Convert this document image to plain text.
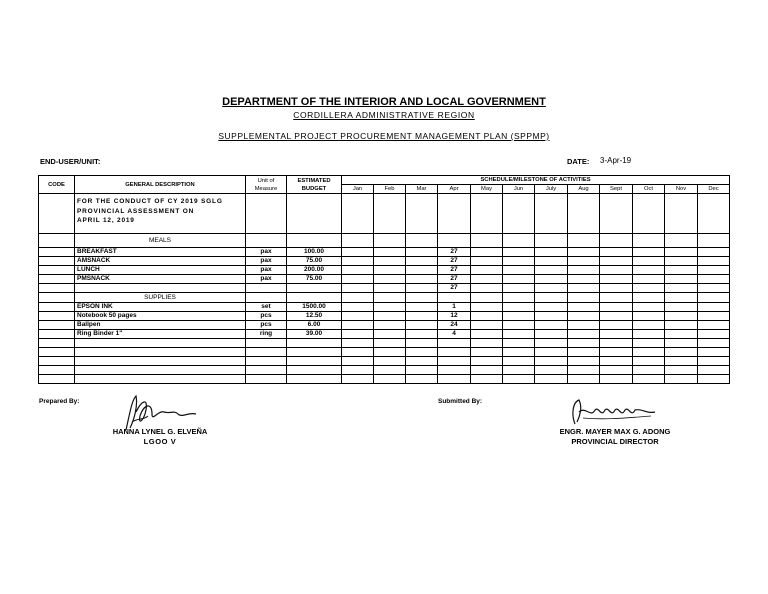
DEPARTMENT OF THE INTERIOR AND LOCAL GOVERNMENT
CORDILLERA ADMINISTRATIVE REGION
SUPPLEMENTAL PROJECT PROCUREMENT MANAGEMENT PLAN (SPPMP)
END-USER/UNIT:	DATE: 3-Apr-19
CODE	GENERAL DESCRIPTION	Unit of Measure	ESTIMATED BUDGET	SCHEDULE/MILESTONE OF ACTIVITIES											
				Jan	Feb	Mar	Apr	May	Jun	July	Aug	Sept	Oct	Nov	Dec

	FOR THE CONDUCT OF CY 2019 SGLG
PROVINCIAL ASSESSMENT ON
APRIL 12, 2019														

	MEALS														
	BREAKFAST	pax	100.00				27								
	AMSNACK	pax	75.00				27								
	LUNCH	pax	200.00				27								
	PMSNACK	pax	75.00				27								
							27								
	SUPPLIES														
	EPSON INK	set	1500.00				1								
	Notebook 50 pages	pcs	12.50				12								
	Ballpen	pcs	6.00				24								
	Ring Binder 1"	ring	39.00				4								

Prepared By:	Submitted By:
HANNA LYNEL G. ELVEÑA
LGOO V
ENGR. MAYER MAX G. ADONG
PROVINCIAL DIRECTOR
